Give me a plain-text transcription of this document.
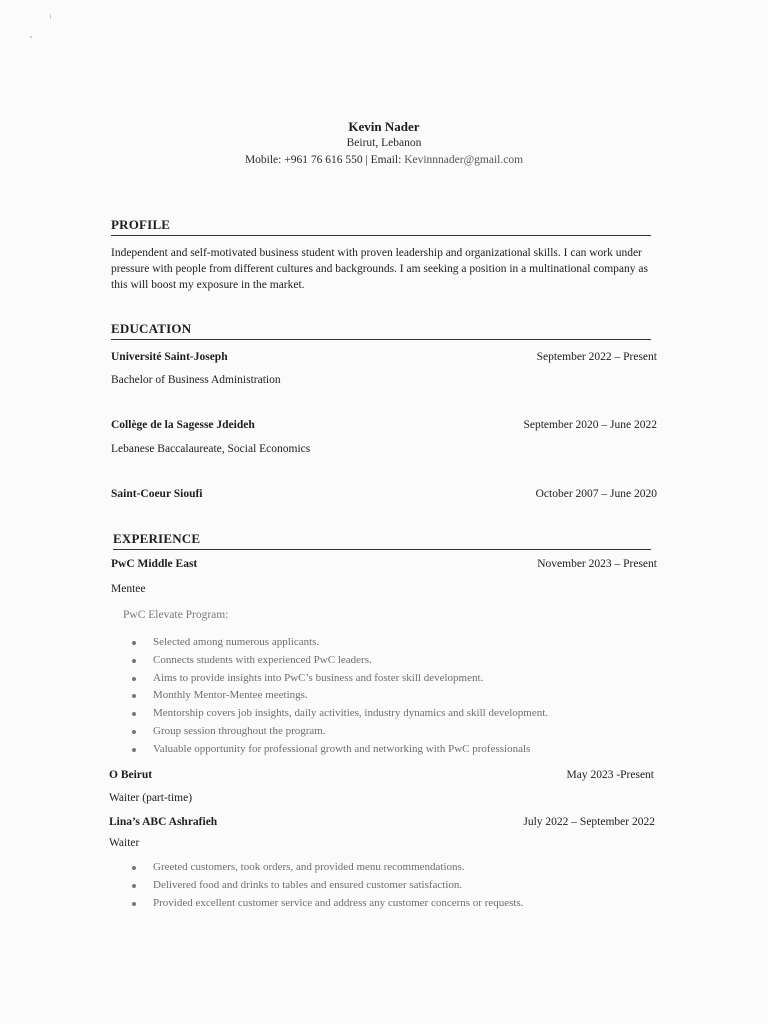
Kevin Nader
Beirut, Lebanon
Mobile: +961 76 616 550 | Email: Kevinnnader@gmail.com
PROFILE
Independent and self-motivated business student with proven leadership and organizational skills. I can work under pressure with people from different cultures and backgrounds. I am seeking a position in a multinational company as this will boost my exposure in the market.
EDUCATION
Université Saint-Joseph	September 2022 – Present
Bachelor of Business Administration
Collège de la Sagesse Jdeideh	September 2020 – June 2022
Lebanese Baccalaureate, Social Economics
Saint-Coeur Sioufi	October 2007 – June 2020
EXPERIENCE
PwC Middle East	November 2023 – Present
Mentee
PwC Elevate Program:
Selected among numerous applicants.
Connects students with experienced PwC leaders.
Aims to provide insights into PwC’s business and foster skill development.
Monthly Mentor-Mentee meetings.
Mentorship covers job insights, daily activities, industry dynamics and skill development.
Group session throughout the program.
Valuable opportunity for professional growth and networking with PwC professionals
O Beirut	May 2023 -Present
Waiter (part-time)
Lina’s ABC Ashrafieh	July 2022 – September 2022
Waiter
Greeted customers, took orders, and provided menu recommendations.
Delivered food and drinks to tables and ensured customer satisfaction.
Provided excellent customer service and address any customer concerns or requests.
